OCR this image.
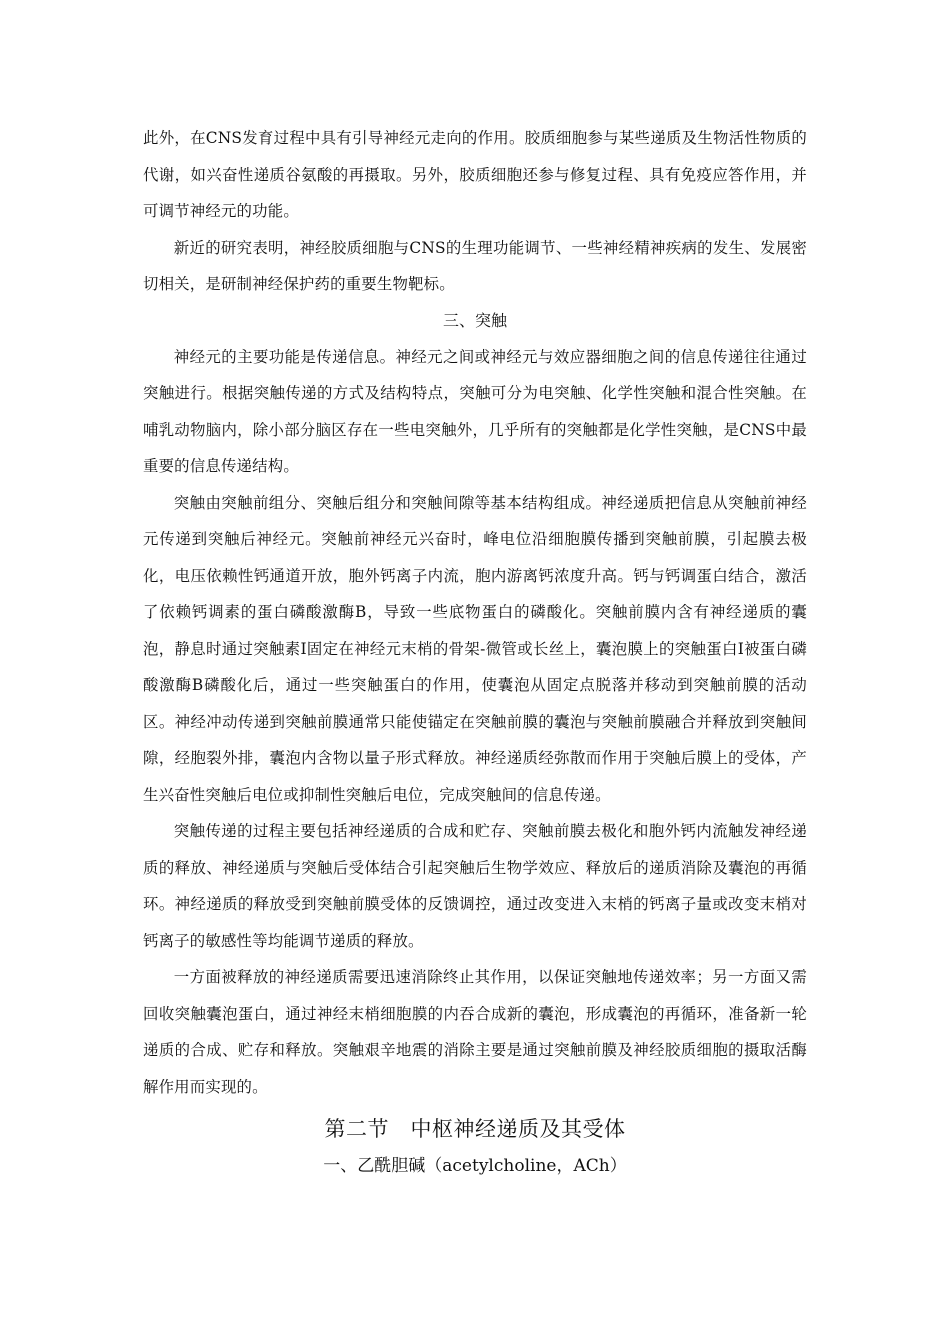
此外，在CNS发育过程中具有引导神经元走向的作用。胶质细胞参与某些递质及生物活性物质的代谢，如兴奋性递质谷氨酸的再摄取。另外，胶质细胞还参与修复过程、具有免疫应答作用，并可调节神经元的功能。

新近的研究表明，神经胶质细胞与CNS的生理功能调节、一些神经精神疾病的发生、发展密切相关，是研制神经保护药的重要生物靶标。

三、突触

神经元的主要功能是传递信息。神经元之间或神经元与效应器细胞之间的信息传递往往通过突触进行。根据突触传递的方式及结构特点，突触可分为电突触、化学性突触和混合性突触。在哺乳动物脑内，除小部分脑区存在一些电突触外，几乎所有的突触都是化学性突触，是CNS中最重要的信息传递结构。

突触由突触前组分、突触后组分和突触间隙等基本结构组成。神经递质把信息从突触前神经元传递到突触后神经元。突触前神经元兴奋时，峰电位沿细胞膜传播到突触前膜，引起膜去极化，电压依赖性钙通道开放，胞外钙离子内流，胞内游离钙浓度升高。钙与钙调蛋白结合，激活了依赖钙调素的蛋白磷酸激酶B，导致一些底物蛋白的磷酸化。突触前膜内含有神经递质的囊泡，静息时通过突触素Ⅰ固定在神经元末梢的骨架-微管或长丝上，囊泡膜上的突触蛋白Ⅰ被蛋白磷酸激酶B磷酸化后，通过一些突触蛋白的作用，使囊泡从固定点脱落并移动到突触前膜的活动区。神经冲动传递到突触前膜通常只能使锚定在突触前膜的囊泡与突触前膜融合并释放到突触间隙，经胞裂外排，囊泡内含物以量子形式释放。神经递质经弥散而作用于突触后膜上的受体，产生兴奋性突触后电位或抑制性突触后电位，完成突触间的信息传递。

突触传递的过程主要包括神经递质的合成和贮存、突触前膜去极化和胞外钙内流触发神经递质的释放、神经递质与突触后受体结合引起突触后生物学效应、释放后的递质消除及囊泡的再循环。神经递质的释放受到突触前膜受体的反馈调控，通过改变进入末梢的钙离子量或改变末梢对钙离子的敏感性等均能调节递质的释放。

一方面被释放的神经递质需要迅速消除终止其作用，以保证突触地传递效率；另一方面又需回收突触囊泡蛋白，通过神经末梢细胞膜的内吞合成新的囊泡，形成囊泡的再循环，准备新一轮递质的合成、贮存和释放。突触艰辛地震的消除主要是通过突触前膜及神经胶质细胞的摄取活酶解作用而实现的。

第二节　中枢神经递质及其受体

一、乙酰胆碱（acetylcholine，ACh）
